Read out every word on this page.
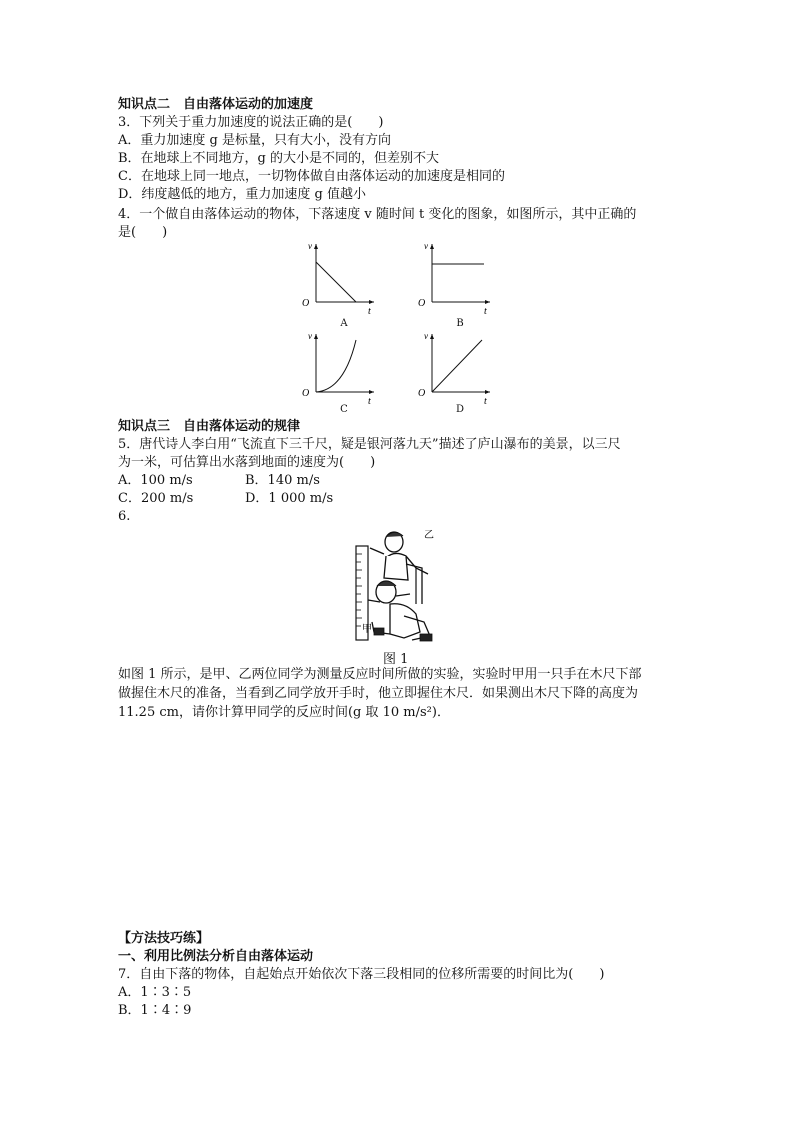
知识点二　自由落体运动的加速度
3．下列关于重力加速度的说法正确的是(　　)
A．重力加速度 g 是标量，只有大小，没有方向
B．在地球上不同地方，g 的大小是不同的，但差别不大
C．在地球上同一地点，一切物体做自由落体运动的加速度是相同的
D．纬度越低的地方，重力加速度 g 值越小
4．一个做自由落体运动的物体，下落速度 v 随时间 t 变化的图象，如图所示，其中正确的
是(　　)
v
O
t
A
v
O
t
B
v
O
t
C
v
O
t
D
知识点三　自由落体运动的规律
5．唐代诗人李白用“飞流直下三千尺，疑是银河落九天”描述了庐山瀑布的美景，以三尺
为一米，可估算出水落到地面的速度为(　　)
A．100 m/s	B．140 m/s
C．200 m/s	D．1 000 m/s
6.
乙
甲
图 1
如图 1 所示，是甲、乙两位同学为测量反应时间所做的实验，实验时甲用一只手在木尺下部
做握住木尺的准备，当看到乙同学放开手时，他立即握住木尺．如果测出木尺下降的高度为
11.25 cm，请你计算甲同学的反应时间(g 取 10 m/s²)．
【方法技巧练】
一、利用比例法分析自由落体运动
7．自由下落的物体，自起始点开始依次下落三段相同的位移所需要的时间比为(　　)
A．1∶3∶5
B．1∶4∶9
